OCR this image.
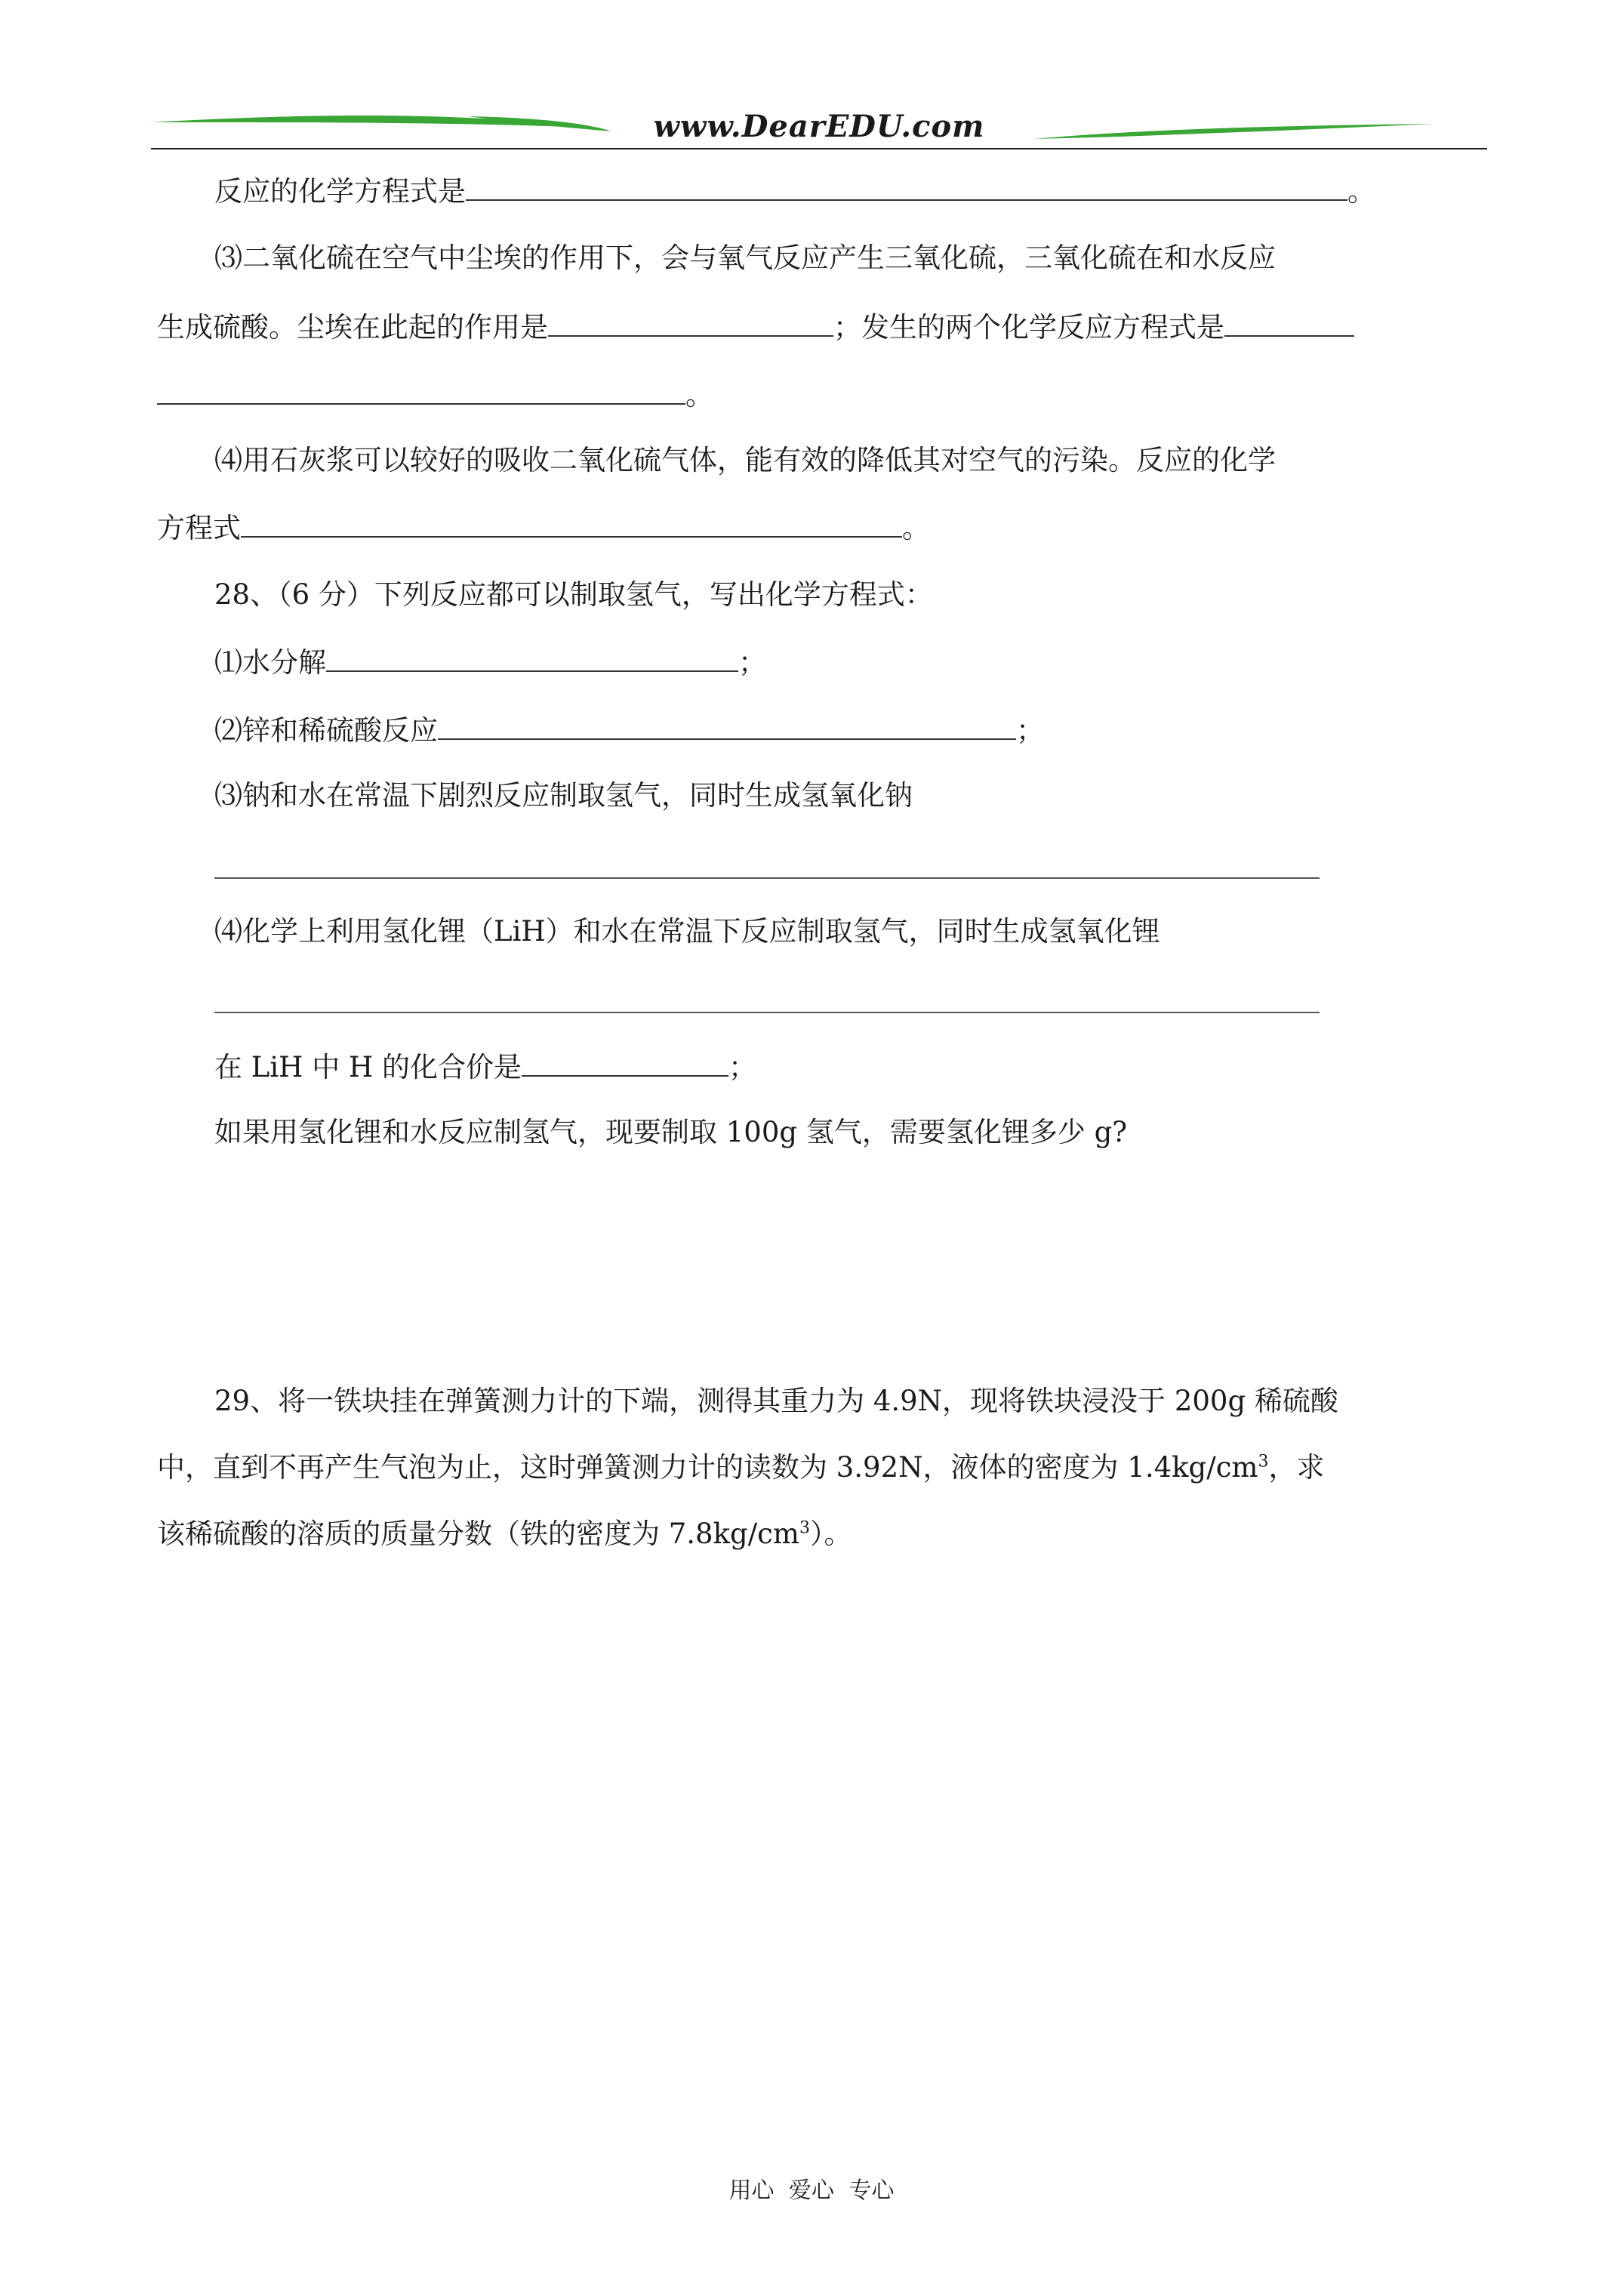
www.DearEDU.com
反应的化学方程式是	。
⑶二氧化硫在空气中尘埃的作用下，会与氧气反应产生三氧化硫，三氧化硫在和水反应
生成硫酸。尘埃在此起的作用是	；发生的两个化学反应方程式是
。
⑷用石灰浆可以较好的吸收二氧化硫气体，能有效的降低其对空气的污染。反应的化学
方程式	。
28、（6 分）下列反应都可以制取氢气，写出化学方程式：
⑴水分解	；
⑵锌和稀硫酸反应	；
⑶钠和水在常温下剧烈反应制取氢气，同时生成氢氧化钠
⑷化学上利用氢化锂（LiH）和水在常温下反应制取氢气，同时生成氢氧化锂
在 LiH 中 H 的化合价是	；
如果用氢化锂和水反应制氢气，现要制取 100g 氢气，需要氢化锂多少 g?
29、将一铁块挂在弹簧测力计的下端，测得其重力为 4.9N，现将铁块浸没于 200g 稀硫酸
中，直到不再产生气泡为止，这时弹簧测力计的读数为 3.92N，液体的密度为 $1.4kg/cm^3$，求
该稀硫酸的溶质的质量分数（铁的密度为 $7.8kg/cm^3$）。
用心 爱心 专心
